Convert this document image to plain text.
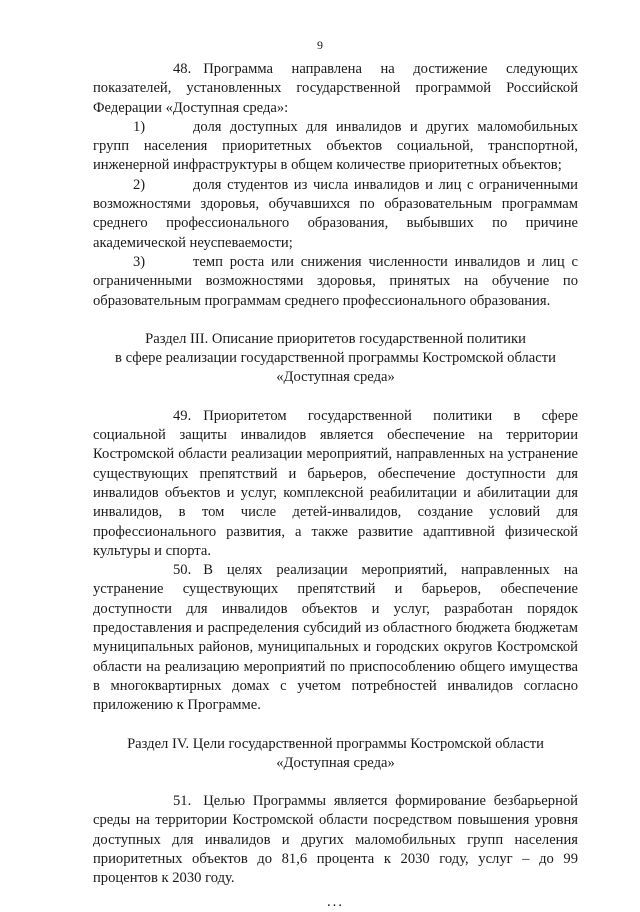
9

48. Программа направлена на достижение следующих показателей, установленных государственной программой Российской Федерации «Доступная среда»:

1)	доля доступных для инвалидов и других маломобильных групп населения приоритетных объектов социальной, транспортной, инженерной инфраструктуры в общем количестве приоритетных объектов;

2)	доля студентов из числа инвалидов и лиц с ограниченными возможностями здоровья, обучавшихся по образовательным программам среднего профессионального образования, выбывших по причине академической неуспеваемости;

3)	темп роста или снижения численности инвалидов и лиц с ограниченными возможностями здоровья, принятых на обучение по образовательным программам среднего профессионального образования.

Раздел III. Описание приоритетов государственной политики

в сфере реализации государственной программы Костромской области

«Доступная среда»

49. Приоритетом государственной политики в сфере социальной защиты инвалидов является обеспечение на территории Костромской области реализации мероприятий, направленных на устранение существующих препятствий и барьеров, обеспечение доступности для инвалидов объектов и услуг, комплексной реабилитации и абилитации для инвалидов, в том числе детей-инвалидов, создание условий для профессионального развития, а также развитие адаптивной физической культуры и спорта.

50. В целях реализации мероприятий, направленных на устранение существующих препятствий и барьеров, обеспечение доступности для инвалидов объектов и услуг, разработан порядок предоставления и распределения субсидий из областного бюджета бюджетам муниципальных районов, муниципальных и городских округов Костромской области на реализацию мероприятий по приспособлению общего имущества в многоквартирных домах с учетом потребностей инвалидов согласно приложению к Программе.

Раздел IV. Цели государственной программы Костромской области

«Доступная среда»

51. Целью Программы является формирование безбарьерной среды на территории Костромской области посредством повышения уровня доступных для инвалидов и других маломобильных групп населения приоритетных объектов до 81,6 процента к 2030 году, услуг – до 99 процентов к 2030 году.

...
